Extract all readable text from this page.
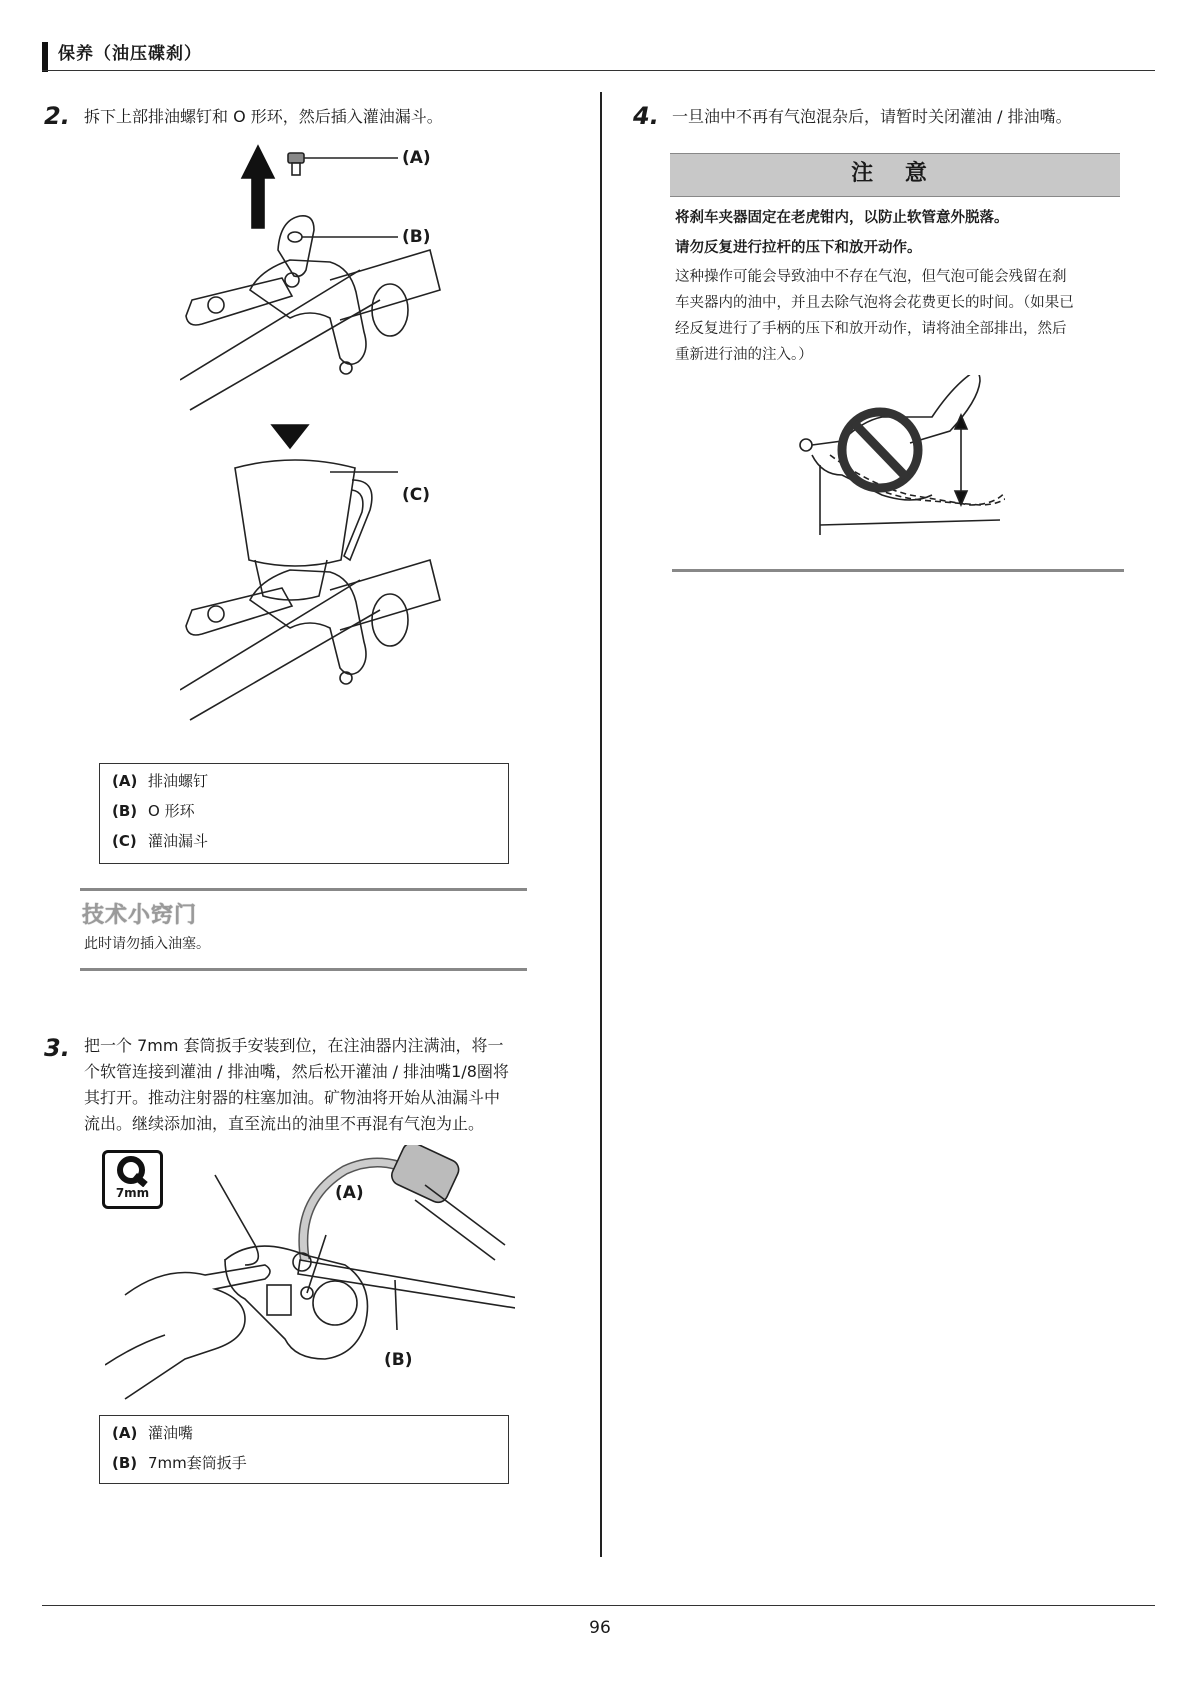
保养（油压碟刹）
2. 拆下上部排油螺钉和 O 形环，然后插入灌油漏斗。
(A)
(B)
(C)
(A) 排油螺钉
(B) O 形环
(C) 灌油漏斗
技术小窍门
此时请勿插入油塞。
3. 把一个 7mm 套筒扳手安装到位，在注油器内注满油，将一
个软管连接到灌油 / 排油嘴，然后松开灌油 / 排油嘴1/8圈将
其打开。推动注射器的柱塞加油。矿物油将开始从油漏斗中
流出。继续添加油，直至流出的油里不再混有气泡为止。
7mm	(A)
(B)
(A) 灌油嘴
(B) 7mm套筒扳手
4. 一旦油中不再有气泡混杂后，请暂时关闭灌油 / 排油嘴。
注 意
将刹车夹器固定在老虎钳内，以防止软管意外脱落。
请勿反复进行拉杆的压下和放开动作。
这种操作可能会导致油中不存在气泡，但气泡可能会残留在刹
车夹器内的油中，并且去除气泡将会花费更长的时间。（如果已
经反复进行了手柄的压下和放开动作，请将油全部排出，然后
重新进行油的注入。）
96
